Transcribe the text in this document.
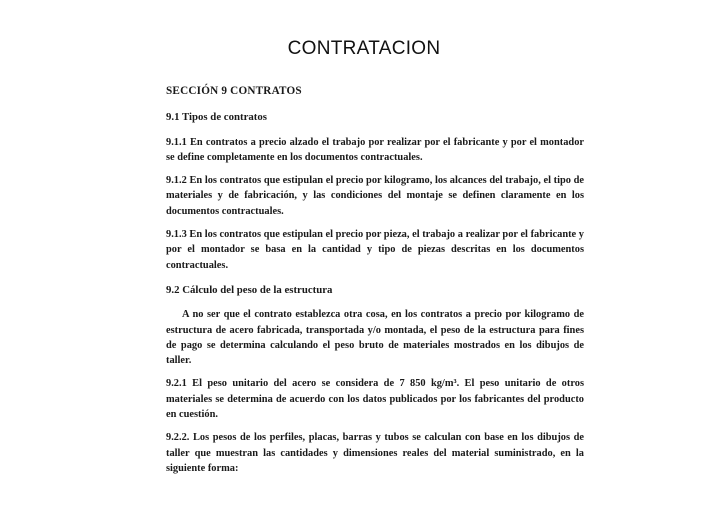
CONTRATACION
SECCIÓN 9 CONTRATOS
9.1 Tipos de contratos

9.1.1 En contratos a precio alzado el trabajo por realizar por el fabricante y por el montador se define completamente en los documentos contractuales.

9.1.2 En los contratos que estipulan el precio por kilogramo, los alcances del trabajo, el tipo de materiales y de fabricación, y las condiciones del montaje se definen claramente en los documentos contractuales.

9.1.3 En los contratos que estipulan el precio por pieza, el trabajo a realizar por el fabricante y por el montador se basa en la cantidad y tipo de piezas descritas en los documentos contractuales.

9.2 Cálculo del peso de la estructura

A no ser que el contrato establezca otra cosa, en los contratos a precio por kilogramo de estructura de acero fabricada, transportada y/o montada, el peso de la estructura para fines de pago se determina calculando el peso bruto de materiales mostrados en los dibujos de taller.

9.2.1 El peso unitario del acero se considera de 7 850 kg/m³. El peso unitario de otros materiales se determina de acuerdo con los datos publicados por los fabricantes del producto en cuestión.

9.2.2. Los pesos de los perfiles, placas, barras y tubos se calculan con base en los dibujos de taller que muestran las cantidades y dimensiones reales del material suministrado, en la siguiente forma:
